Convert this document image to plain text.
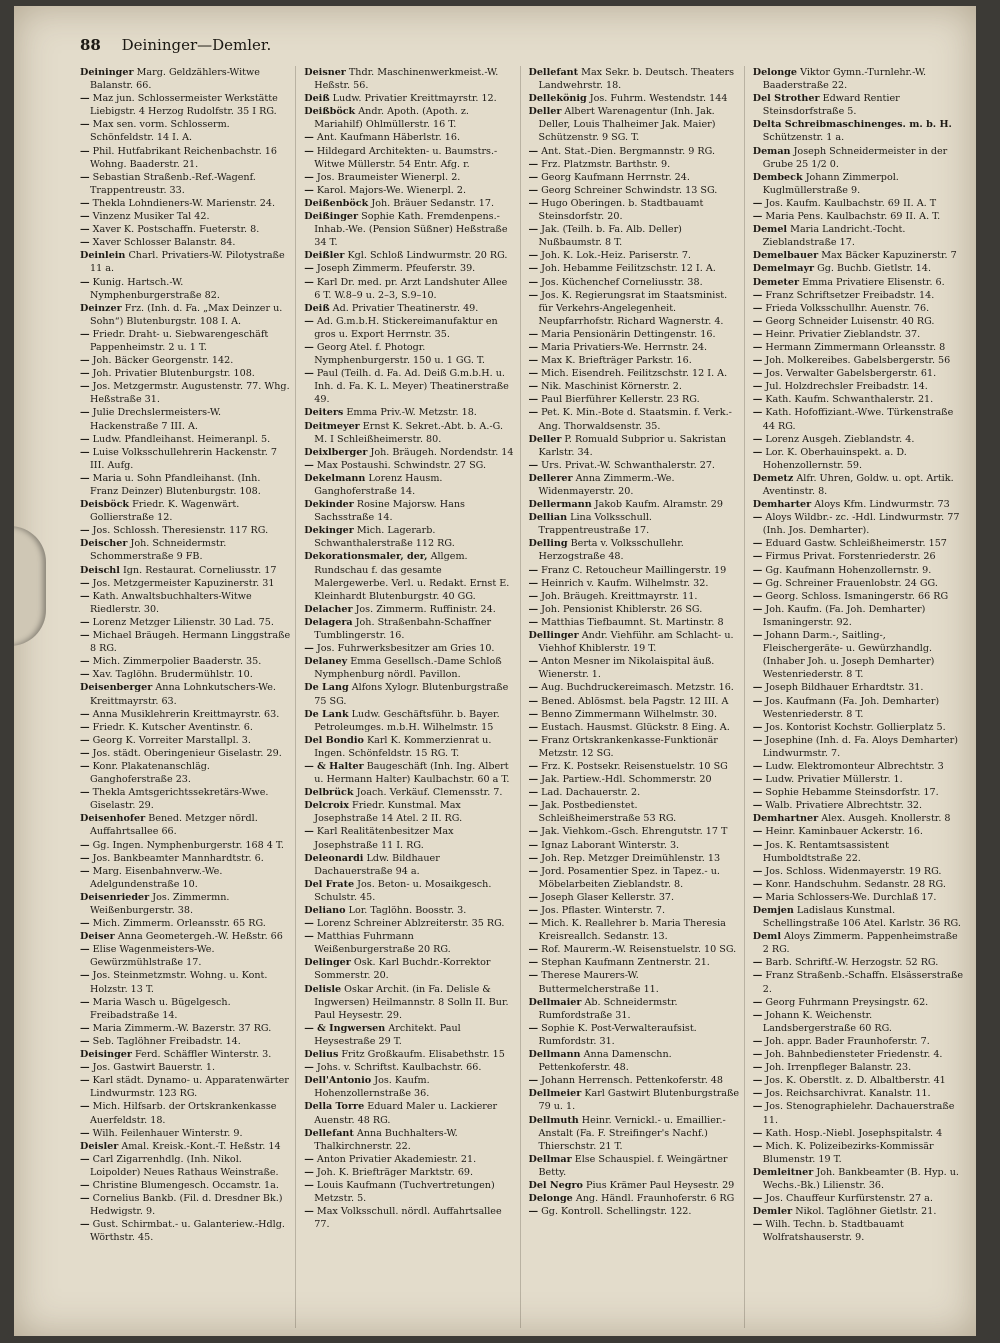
88 Deininger—Demler.
Deininger Marg. Geldzählers-Witwe Balanstr. 66.
— Maz jun. Schlossermeister Werkstätte Liebigstr. 4 Herzog Rudolfstr. 35 I RG.
— Max sen. vorm. Schlosserm. Schönfeldstr. 14 I. A.
— Phil. Hutfabrikant Reichenbachstr. 16 Wohng. Baaderstr. 21.
— Sebastian Straßenb.-Ref.-Wagenf. Trappentreustr. 33.
— Thekla Lohndieners-W. Marienstr. 24.
— Vinzenz Musiker Tal 42.
— Xaver K. Postschaffn. Fueterstr. 8.
— Xaver Schlosser Balanstr. 84.
Deinlein Charl. Privatiers-W. Pilotystraße 11 a.
— Kunig. Hartsch.-W. Nymphenburgerstraße 82.
Deinzer Frz. (Inh. d. Fa. „Max Deinzer u. Sohn“) Blutenburgstr. 108 I. A.
— Friedr. Draht- u. Siebwarengeschäft Pappenheimstr. 2 u. 1 T.
— Joh. Bäcker Georgenstr. 142.
— Joh. Privatier Blutenburgstr. 108.
— Jos. Metzgermstr. Augustenstr. 77. Whg. Heßstraße 31.
— Julie Drechslermeisters-W. Hackenstraße 7 III. A.
— Ludw. Pfandleihanst. Heimeranpl. 5.
— Luise Volksschullehrerin Hackenstr. 7 III. Aufg.
— Maria u. Sohn Pfandleihanst. (Inh. Franz Deinzer) Blutenburgstr. 108.
Deisböck Friedr. K. Wagenwärt. Gollierstraße 12.
— Jos. Schlossh. Theresienstr. 117 RG.
Deischer Joh. Schneidermstr. Schommerstraße 9 FB.
Deischl Ign. Restaurat. Corneliusstr. 17
— Jos. Metzgermeister Kapuzinerstr. 31
— Kath. Anwaltsbuchhalters-Witwe Riedlerstr. 30.
— Lorenz Metzger Lilienstr. 30 Lad. 75.
— Michael Bräugeh. Hermann Linggstraße 8 RG.
— Mich. Zimmerpolier Baaderstr. 35.
— Xav. Taglöhn. Brudermühlstr. 10.
Deisenberger Anna Lohnkutschers-We. Kreittmayrstr. 63.
— Anna Musiklehrerin Kreittmayrstr. 63.
— Friedr. K. Kutscher Aventinstr. 6.
— Georg K. Vorreiter Marstallpl. 3.
— Jos. städt. Oberingenieur Giselastr. 29.
— Konr. Plakatenanschläg. Ganghoferstraße 23.
— Thekla Amtsgerichtssekretärs-Wwe. Giselastr. 29.
Deisenhofer Bened. Metzger nördl. Auffahrtsallee 66.
— Gg. Ingen. Nymphenburgerstr. 168 4 T.
— Jos. Bankbeamter Mannhardtstr. 6.
— Marg. Eisenbahnverw.-We. Adelgundenstraße 10.
Deisenrieder Jos. Zimmermn. Weißenburgerstr. 38.
— Mich. Zimmerm. Orleansstr. 65 RG.
Deiser Anna Geometergeh.-W. Heßstr. 66
— Elise Wagenmeisters-We. Gewürzmühlstraße 17.
— Jos. Steinmetzmstr. Wohng. u. Kont. Holzstr. 13 T.
— Maria Wasch u. Bügelgesch. Freibadstraße 14.
— Maria Zimmerm.-W. Bazerstr. 37 RG.
— Seb. Taglöhner Freibadstr. 14.
Deisinger Ferd. Schäffler Winterstr. 3.
— Jos. Gastwirt Bauerstr. 1.
— Karl städt. Dynamo- u. Apparatenwärter Lindwurmstr. 123 RG.
— Mich. Hilfsarb. der Ortskrankenkasse Auerfeldstr. 18.
— Wilh. Feilenhauer Winterstr. 9.
Deisler Amal. Kreisk.-Kont.-T. Heßstr. 14
— Carl Zigarrenhdlg. (Inh. Nikol. Loipolder) Neues Rathaus Weinstraße.
— Christine Blumengesch. Occamstr. 1a.
— Cornelius Bankb. (Fil. d. Dresdner Bk.) Hedwigstr. 9.
— Gust. Schirmbat.- u. Galanteriew.-Hdlg. Wörthstr. 45.
Deisner Thdr. Maschinenwerkmeist.-W. Heßstr. 56.
Deiß Ludw. Privatier Kreittmayrstr. 12.
Deißböck Andr. Apoth. (Apoth. z. Mariahilf) Ohlmüllerstr. 16 T.
— Ant. Kaufmann Häberlstr. 16.
— Hildegard Architekten- u. Baumstrs.-Witwe Müllerstr. 54 Entr. Afg. r.
— Jos. Braumeister Wienerpl. 2.
— Karol. Majors-We. Wienerpl. 2.
Deißenböck Joh. Bräuer Sedanstr. 17.
Deißinger Sophie Kath. Fremdenpens.-Inhab.-We. (Pension Süßner) Heßstraße 34 T.
Deißler Kgl. Schloß Lindwurmstr. 20 RG.
— Joseph Zimmerm. Pfeuferstr. 39.
— Karl Dr. med. pr. Arzt Landshuter Allee 6 T. W.8–9 u. 2–3, S.9–10.
Deiß Ad. Privatier Theatinerstr. 49.
— Ad. G.m.b.H. Stickereimanufaktur en gros u. Export Herrnstr. 35.
— Georg Atel. f. Photogr. Nymphenburgerstr. 150 u. 1 GG. T.
— Paul (Teilh. d. Fa. Ad. Deiß G.m.b.H. u. Inh. d. Fa. K. L. Meyer) Theatinerstraße 49.
Deiters Emma Priv.-W. Metzstr. 18.
Deitmeyer Ernst K. Sekret.-Abt. b. A.-G. M. I Schleißheimerstr. 80.
Deixlberger Joh. Bräugeh. Nordendstr. 14
— Max Postaushi. Schwindstr. 27 SG.
Dekelmann Lorenz Hausm. Ganghoferstraße 14.
Dekinder Rosine Majorsw. Hans Sachsstraße 14.
Dekinger Mich. Lagerarb. Schwanthalerstraße 112 RG.
Dekorationsmaler, der, Allgem. Rundschau f. das gesamte Malergewerbe. Verl. u. Redakt. Ernst E. Kleinhardt Blutenburgstr. 40 GG.
Delacher Jos. Zimmerm. Ruffinistr. 24.
Delagera Joh. Straßenbahn-Schaffner Tumblingerstr. 16.
— Jos. Fuhrwerksbesitzer am Gries 10.
Delaney Emma Gesellsch.-Dame Schloß Nymphenburg nördl. Pavillon.
De Lang Alfons Xylogr. Blutenburgstraße 75 SG.
De Lank Ludw. Geschäftsführ. b. Bayer. Petroleumges. m.b.H. Wilhelmstr. 15
Del Bondio Karl K. Kommerzienrat u. Ingen. Schönfeldstr. 15 RG. T.
— & Halter Baugeschäft (Inh. Ing. Albert u. Hermann Halter) Kaulbachstr. 60 a T.
Delbrück Joach. Verkäuf. Clemensstr. 7.
Delcroix Friedr. Kunstmal. Max Josephstraße 14 Atel. 2 II. RG.
— Karl Realitätenbesitzer Max Josephstraße 11 I. RG.
Deleonardi Ldw. Bildhauer Dachauerstraße 94 a.
Del Frate Jos. Beton- u. Mosaikgesch. Schulstr. 45.
Deliano Lor. Taglöhn. Boosstr. 3.
— Lorenz Schreiner Ablzreiterstr. 35 RG.
— Matthias Fuhrmann Weißenburgerstraße 20 RG.
Delinger Osk. Karl Buchdr.-Korrektor Sommerstr. 20.
Delisle Oskar Archit. (in Fa. Delisle & Ingwersen) Heilmannstr. 8 Solln II. Bur. Paul Heysestr. 29.
— & Ingwersen Architekt. Paul Heysestraße 29 T.
Delius Fritz Großkaufm. Elisabethstr. 15
— Johs. v. Schriftst. Kaulbachstr. 66.
Dell'Antonio Jos. Kaufm. Hohenzollernstraße 36.
Della Torre Eduard Maler u. Lackierer Auenstr. 48 RG.
Dellefant Anna Buchhalters-W. Thalkirchnerstr. 22.
— Anton Privatier Akademiestr. 21.
— Joh. K. Briefträger Marktstr. 69.
— Louis Kaufmann (Tuchvertretungen) Metzstr. 5.
— Max Volksschull. nördl. Auffahrtsallee 77.
Dellefant Max Sekr. b. Deutsch. Theaters Landwehrstr. 18.
Dellekönig Jos. Fuhrm. Westendstr. 144
Deller Albert Warenagentur (Inh. Jak. Deller, Louis Thalheimer Jak. Maier) Schützenstr. 9 SG. T.
— Ant. Stat.-Dien. Bergmannstr. 9 RG.
— Frz. Platzmstr. Barthstr. 9.
— Georg Kaufmann Herrnstr. 24.
— Georg Schreiner Schwindstr. 13 SG.
— Hugo Oberingen. b. Stadtbauamt Steinsdorfstr. 20.
— Jak. (Teilh. b. Fa. Alb. Deller) Nußbaumstr. 8 T.
— Joh. K. Lok.-Heiz. Pariserstr. 7.
— Joh. Hebamme Feilitzschstr. 12 I. A.
— Jos. Küchenchef Corneliusstr. 38.
— Jos. K. Regierungsrat im Staatsminist. für Verkehrs-Angelegenheit. Neupfarrhofstr. Richard Wagnerstr. 4.
— Maria Pensionärin Dettingenstr. 16.
— Maria Privatiers-We. Herrnstr. 24.
— Max K. Briefträger Parkstr. 16.
— Mich. Eisendreh. Feilitzschstr. 12 I. A.
— Nik. Maschinist Körnerstr. 2.
— Paul Bierführer Kellerstr. 23 RG.
— Pet. K. Min.-Bote d. Staatsmin. f. Verk.-Ang. Thorwaldsenstr. 35.
Deller P. Romuald Subprior u. Sakristan Karlstr. 34.
— Urs. Privat.-W. Schwanthalerstr. 27.
Dellerer Anna Zimmerm.-We. Widenmayerstr. 20.
Dellermann Jakob Kaufm. Alramstr. 29
Dellian Lina Volksschull. Trappentreustraße 17.
Delling Berta v. Volksschullehr. Herzogstraße 48.
— Franz C. Retoucheur Maillingerstr. 19
— Heinrich v. Kaufm. Wilhelmstr. 32.
— Joh. Bräugeh. Kreittmayrstr. 11.
— Joh. Pensionist Khiblerstr. 26 SG.
— Matthias Tiefbaumnt. St. Martinstr. 8
Dellinger Andr. Viehführ. am Schlacht- u. Viehhof Khiblerstr. 19 T.
— Anton Mesner im Nikolaispital äuß. Wienerstr. 1.
— Aug. Buchdruckereimasch. Metzstr. 16.
— Bened. Ablösmst. bela Pagstr. 12 III. A
— Benno Zimmermann Wilhelmstr. 30.
— Eustach. Hausmst. Glückstr. 8 Eing. A.
— Franz Ortskrankenkasse-Funktionär Metzstr. 12 SG.
— Frz. K. Postsekr. Reisenstuelstr. 10 SG
— Jak. Partiew.-Hdl. Schommerstr. 20
— Lad. Dachauerstr. 2.
— Jak. Postbedienstet. Schleißheimerstraße 53 RG.
— Jak. Viehkom.-Gsch. Ehrengutstr. 17 T
— Ignaz Laborant Winterstr. 3.
— Joh. Rep. Metzger Dreimühlenstr. 13
— Jord. Posamentier Spez. in Tapez.- u. Möbelarbeiten Zieblandstr. 8.
— Joseph Glaser Kellerstr. 37.
— Jos. Pflaster. Winterstr. 7.
— Mich. K. Reallehrer b. Maria Theresia Kreisreallch. Sedanstr. 13.
— Rof. Maurerm.-W. Reisenstuelstr. 10 SG.
— Stephan Kaufmann Zentnerstr. 21.
— Therese Maurers-W. Buttermelcherstraße 11.
Dellmaier Ab. Schneidermstr. Rumfordstraße 31.
— Sophie K. Post-Verwalteraufsist. Rumfordstr. 31.
Dellmann Anna Damenschn. Pettenkoferstr. 48.
— Johann Herrensch. Pettenkoferstr. 48
Dellmeier Karl Gastwirt Blutenburgstraße 79 u. 1.
Dellmuth Heinr. Vernickl.- u. Emaillier.-Anstalt (Fa. F. Streifinger's Nachf.) Thierschstr. 21 T.
Dellmar Else Schauspiel. f. Weingärtner Betty.
Del Negro Pius Krämer Paul Heysestr. 29
Delonge Ang. Händl. Fraunhoferstr. 6 RG
— Gg. Kontroll. Schellingstr. 122.
Delonge Viktor Gymn.-Turnlehr.-W. Baaderstraße 22.
Del Strother Edward Rentier Steinsdorfstraße 5.
Delta Schreibmaschinenges. m. b. H. Schützenstr. 1 a.
Deman Joseph Schneidermeister in der Grube 25 1/2 0.
Dembeck Johann Zimmerpol. Kuglmüllerstraße 9.
— Jos. Kaufm. Kaulbachstr. 69 II. A. T
— Maria Pens. Kaulbachstr. 69 II. A. T.
Demel Maria Landricht.-Tocht. Zieblandstraße 17.
Demelbauer Max Bäcker Kapuzinerstr. 7
Demelmayr Gg. Buchb. Gietlstr. 14.
Demeter Emma Privatiere Elisenstr. 6.
— Franz Schriftsetzer Freibadstr. 14.
— Frieda Volksschullhr. Auenstr. 76.
— Georg Schneider Luisenstr. 40 RG.
— Heinr. Privatier Zieblandstr. 37.
— Hermann Zimmermann Orleansstr. 8
— Joh. Molkereibes. Gabelsbergerstr. 56
— Jos. Verwalter Gabelsbergerstr. 61.
— Jul. Holzdrechsler Freibadstr. 14.
— Kath. Kaufm. Schwanthalerstr. 21.
— Kath. Hofoffiziant.-Wwe. Türkenstraße 44 RG.
— Lorenz Ausgeh. Zieblandstr. 4.
— Lor. K. Oberhauinspekt. a. D. Hohenzollernstr. 59.
Demetz Alfr. Uhren, Goldw. u. opt. Artik. Aventinstr. 8.
Demharter Aloys Kfm. Lindwurmstr. 73
— Aloys Wildbr.- zc. -Hdl. Lindwurmstr. 77 (Inh. Jos. Demharter).
— Eduard Gastw. Schleißheimerstr. 157
— Firmus Privat. Forstenriederstr. 26
— Gg. Kaufmann Hohenzollernstr. 9.
— Gg. Schreiner Frauenlobstr. 24 GG.
— Georg. Schloss. Ismaningerstr. 66 RG
— Joh. Kaufm. (Fa. Joh. Demharter) Ismaningerstr. 92.
— Johann Darm.-, Saitling-, Fleischergeräte- u. Gewürzhandlg. (Inhaber Joh. u. Joseph Demharter) Westenriederstr. 8 T.
— Joseph Bildhauer Erhardtstr. 31.
— Jos. Kaufmann (Fa. Joh. Demharter) Westenriederstr. 8 T.
— Jos. Kontorist Kochstr. Gollierplatz 5.
— Josephine (Inh. d. Fa. Aloys Demharter) Lindwurmstr. 7.
— Ludw. Elektromonteur Albrechtstr. 3
— Ludw. Privatier Müllerstr. 1.
— Sophie Hebamme Steinsdorfstr. 17.
— Walb. Privatiere Albrechtstr. 32.
Demhartner Alex. Ausgeh. Knollerstr. 8
— Heinr. Kaminbauer Ackerstr. 16.
— Jos. K. Rentamtsassistent Humboldtstraße 22.
— Jos. Schloss. Widenmayerstr. 19 RG.
— Konr. Handschuhm. Sedanstr. 28 RG.
— Maria Schlossers-We. Durchlaß 17.
Demjen Ladislaus Kunstmal. Schellingstraße 106 Atel. Karlstr. 36 RG.
Deml Aloys Zimmerm. Pappenheimstraße 2 RG.
— Barb. Schriftf.-W. Herzogstr. 52 RG.
— Franz Straßenb.-Schaffn. Elsässerstraße 2.
— Georg Fuhrmann Preysingstr. 62.
— Johann K. Weichenstr. Landsbergerstraße 60 RG.
— Joh. appr. Bader Fraunhoferstr. 7.
— Joh. Bahnbediensteter Friedenstr. 4.
— Joh. Irrenpfleger Balanstr. 23.
— Jos. K. Oberstlt. z. D. Albaltberstr. 41
— Jos. Reichsarchivrat. Kanalstr. 11.
— Jos. Stenographielehr. Dachauerstraße 11.
— Kath. Hosp.-Niebl. Josephspitalstr. 4
— Mich. K. Polizeibezirks-Kommissär Blumenstr. 19 T.
Demleitner Joh. Bankbeamter (B. Hyp. u. Wechs.-Bk.) Lilienstr. 36.
— Jos. Chauffeur Kurfürstenstr. 27 a.
Demler Nikol. Taglöhner Gietlstr. 21.
— Wilh. Techn. b. Stadtbauamt Wolfratshauserstr. 9.
